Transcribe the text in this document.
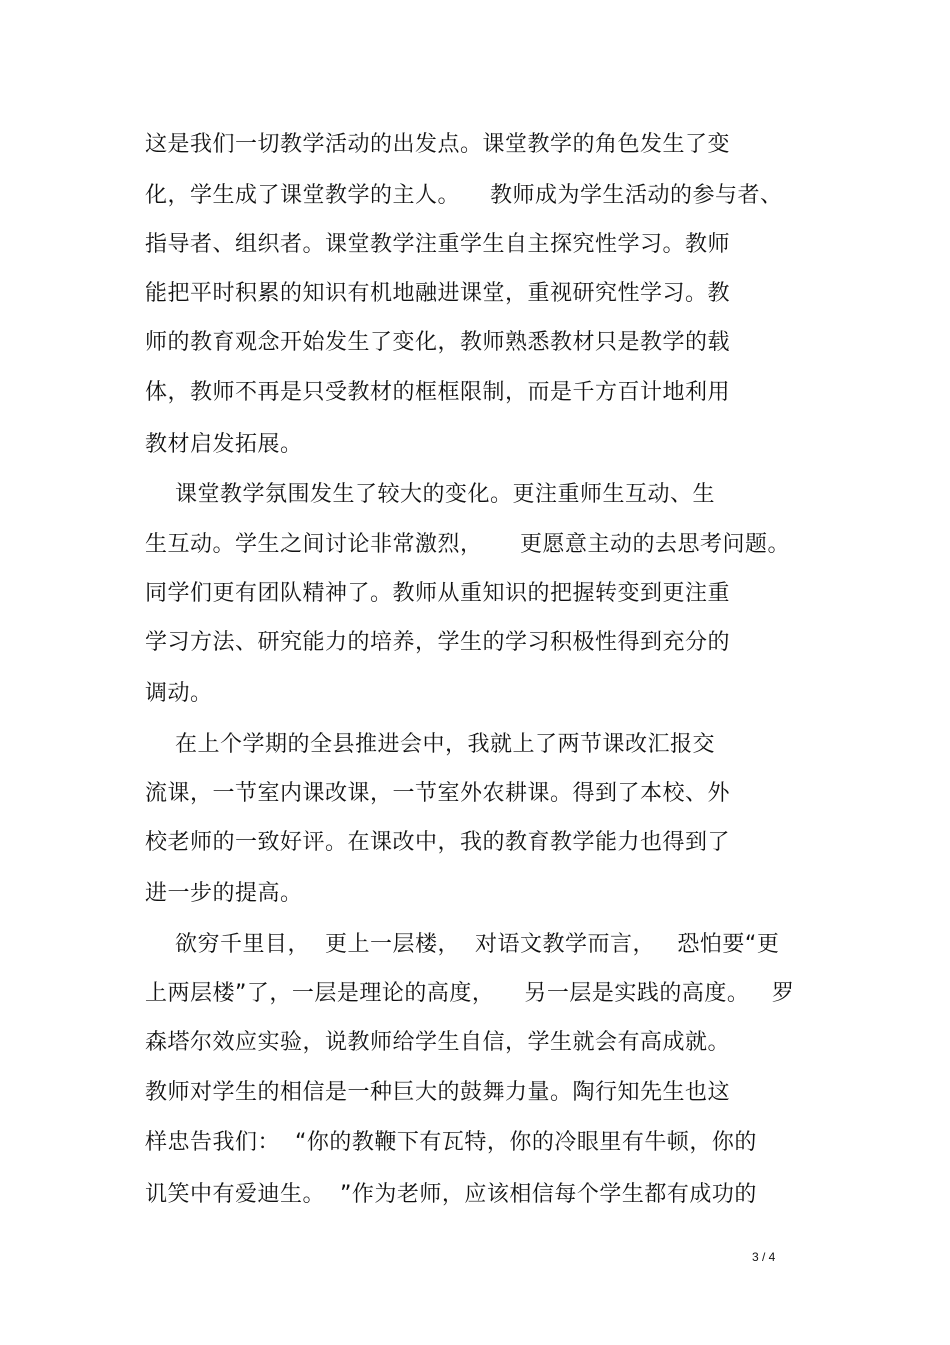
这是我们一切教学活动的出发点。课堂教学的角色发生了变
化，学生成了课堂教学的主人。    教师成为学生活动的参与者、
指导者、组织者。课堂教学注重学生自主探究性学习。教师
能把平时积累的知识有机地融进课堂，重视研究性学习。教
师的教育观念开始发生了变化，教师熟悉教材只是教学的载
体，教师不再是只受教材的框框限制，而是千方百计地利用
教材启发拓展。
课堂教学氛围发生了较大的变化。更注重师生互动、生
生互动。学生之间讨论非常激烈，     更愿意主动的去思考问题。
同学们更有团队精神了。教师从重知识的把握转变到更注重
学习方法、研究能力的培养，学生的学习积极性得到充分的
调动。
在上个学期的全县推进会中，我就上了两节课改汇报交
流课，一节室内课改课，一节室外农耕课。得到了本校、外
校老师的一致好评。在课改中，我的教育教学能力也得到了
进一步的提高。
欲穷千里目，  更上一层楼，  对语文教学而言，   恐怕要“更
上两层楼”了，一层是理论的高度，    另一层是实践的高度。   罗
森塔尔效应实验，说教师给学生自信，学生就会有高成就。
教师对学生的相信是一种巨大的鼓舞力量。陶行知先生也这
样忠告我们：  “你的教鞭下有瓦特，你的冷眼里有牛顿，你的
讥笑中有爱迪生。  ”作为老师，应该相信每个学生都有成功的
3 / 4
